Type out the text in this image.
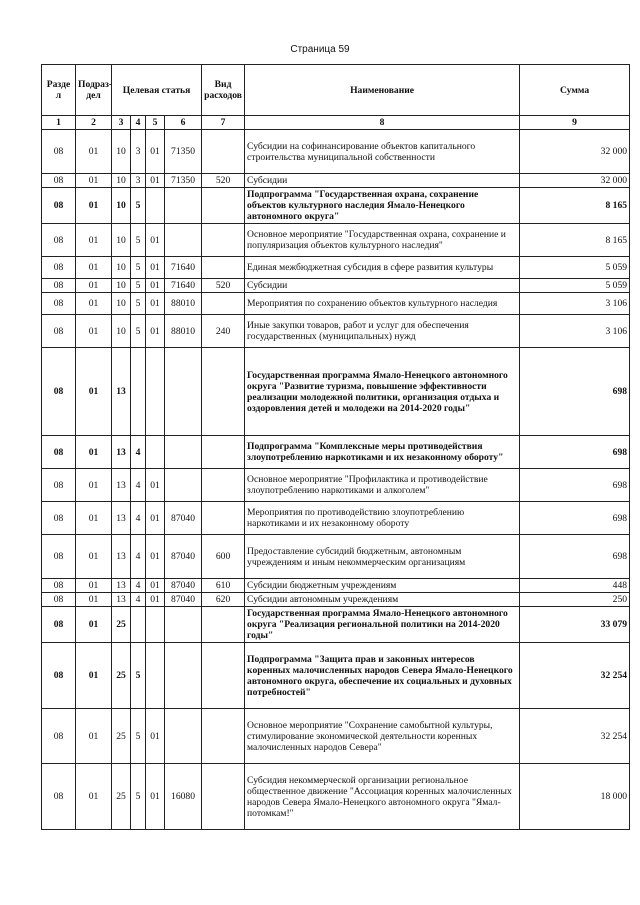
Страница 59
Разде л	Подраз- дел	Целевая статья				Вид расходов	Наименование	Сумма
1	2	3	4	5	6	7	8	9
08	01	10	3	01	71350		Субсидии на софинансирование объектов капитального строительства муниципальной собственности	32 000
08	01	10	3	01	71350	520	Субсидии	32 000
08	01	10	5				Подпрограмма "Государственная охрана, сохранение объектов культурного наследия Ямало-Ненецкого автономного округа"	8 165
08	01	10	5	01			Основное мероприятие "Государственная охрана, сохранение и популяризация объектов культурного наследия"	8 165
08	01	10	5	01	71640		Единая межбюджетная субсидия в сфере развития культуры	5 059
08	01	10	5	01	71640	520	Субсидии	5 059
08	01	10	5	01	88010		Мероприятия по сохранению объектов культурного наследия	3 106
08	01	10	5	01	88010	240	Иные закупки товаров, работ и услуг для обеспечения государственных (муниципальных) нужд	3 106
08	01	13					Государственная программа Ямало-Ненецкого автономного округа "Развитие туризма, повышение эффективности реализации молодежной политики, организация отдыха и оздоровления детей и молодежи на 2014-2020 годы"	698
08	01	13	4				Подпрограмма "Комплексные меры противодействия злоупотреблению наркотиками и их незаконному обороту"	698
08	01	13	4	01			Основное мероприятие "Профилактика и противодействие злоупотреблению наркотиками и алкоголем"	698
08	01	13	4	01	87040		Мероприятия по противодействию злоупотреблению наркотиками и их незаконному обороту	698
08	01	13	4	01	87040	600	Предоставление субсидий бюджетным, автономным учреждениям и иным некоммерческим организациям	698
08	01	13	4	01	87040	610	Субсидии бюджетным учреждениям	448
08	01	13	4	01	87040	620	Субсидии автономным учреждениям	250
08	01	25					Государственная программа Ямало-Ненецкого автономного округа "Реализация региональной политики на 2014-2020 годы"	33 079
08	01	25	5				Подпрограмма "Защита прав и законных интересов коренных малочисленных народов Севера Ямало-Ненецкого автономного округа, обеспечение их социальных и духовных потребностей"	32 254
08	01	25	5	01			Основное мероприятие "Сохранение самобытной культуры, стимулирование экономической деятельности коренных малочисленных народов Севера"	32 254
08	01	25	5	01	16080		Субсидия некоммерческой организации региональное общественное движение "Ассоциация коренных малочисленных народов Севера Ямало-Ненецкого автономного округа "Ямал-потомкам!"	18 000
